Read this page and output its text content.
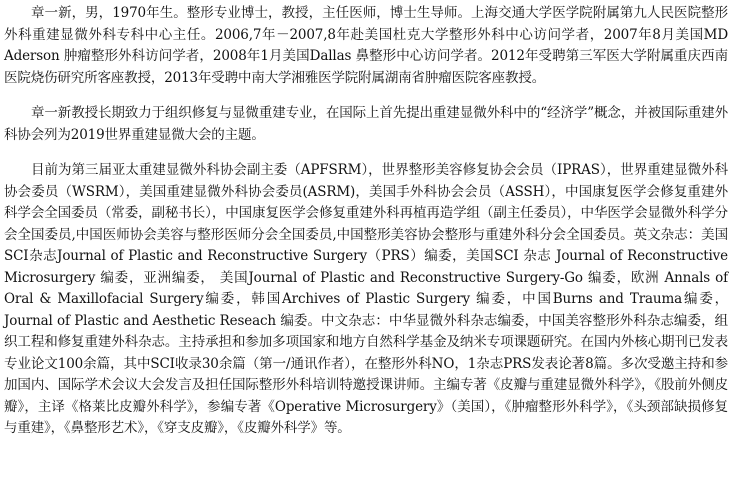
章一新，男，1970年生。整形专业博士，教授，主任医师，博士生导师。上海交通大学医学院附属第九人民医院整形外科重建显微外科专科中心主任。2006,7年－2007,8年赴美国杜克大学整形外科中心访问学者，2007年8月美国MD Aderson 肿瘤整形外科访问学者，2008年1月美国Dallas 鼻整形中心访问学者。2012年受聘第三军医大学附属重庆西南医院烧伤研究所客座教授，2013年受聘中南大学湘雅医学院附属湖南省肿瘤医院客座教授。

章一新教授长期致力于组织修复与显微重建专业，在国际上首先提出重建显微外科中的“经济学”概念，并被国际重建外科协会列为2019世界重建显微大会的主题。

目前为第三届亚太重建显微外科协会副主委（APFSRM），世界整形美容修复协会会员（IPRAS），世界重建显微外科协会委员（WSRM），美国重建显微外科协会委员(ASRM)，美国手外科协会会员（ASSH），中国康复医学会修复重建外科学会全国委员（常委，副秘书长），中国康复医学会修复重建外科再植再造学组（副主任委员），中华医学会显微外科学分会全国委员,中国医师协会美容与整形医师分会全国委员,中国整形美容协会整形与重建外科分会全国委员。英文杂志：美国SCI杂志Journal of Plastic and Reconstructive Surgery（PRS）编委，美国SCI 杂志 Journal of Reconstructive Microsurgery 编委，亚洲编委， 美国Journal of Plastic and Reconstructive Surgery-Go 编委，欧洲 Annals of Oral & Maxillofacial Surgery编委，韩国Archives of Plastic Surgery 编委，中国Burns and Trauma编委， Journal of Plastic and Aesthetic Reseach 编委。中文杂志：中华显微外科杂志编委，中国美容整形外科杂志编委，组织工程和修复重建外科杂志。主持承担和参加多项国家和地方自然科学基金及纳米专项课题研究。在国内外核心期刊已发表专业论文100余篇，其中SCI收录30余篇（第一/通讯作者），在整形外科NO，1杂志PRS发表论著8篇。多次受邀主持和参加国内、国际学术会议大会发言及担任国际整形外科培训特邀授课讲师。主编专著《皮瓣与重建显微外科学》，《股前外侧皮瓣》，主译《格莱比皮瓣外科学》，参编专著《Operative Microsurgery》（美国），《肿瘤整形外科学》，《头颈部缺损修复与重建》，《鼻整形艺术》，《穿支皮瓣》，《皮瓣外科学》等。
